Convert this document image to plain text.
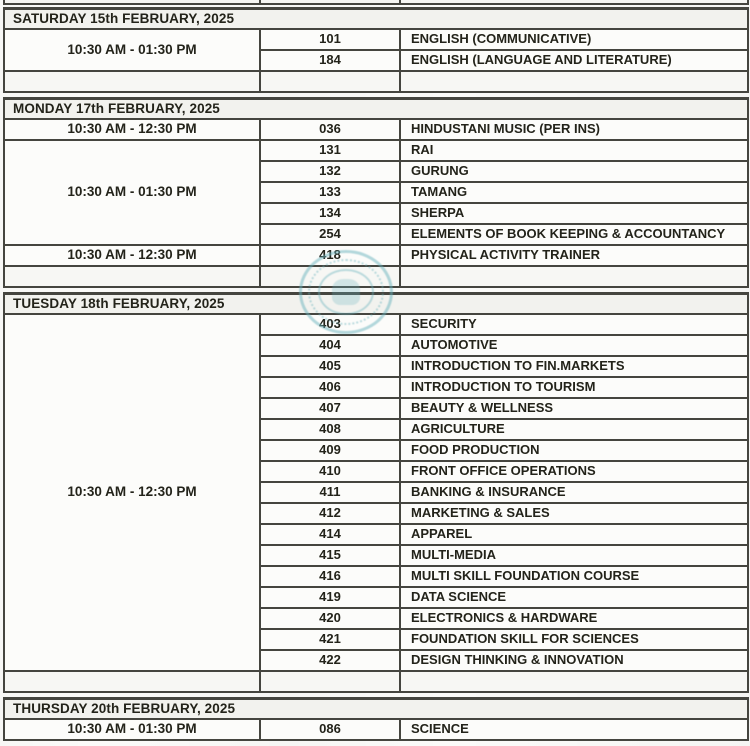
SATURDAY 15th FEBRUARY, 2025		
10:30 AM - 01:30 PM	101	ENGLISH (COMMUNICATIVE)
	184	ENGLISH (LANGUAGE AND LITERATURE)

MONDAY 17th FEBRUARY, 2025		
10:30 AM - 12:30 PM	036	HINDUSTANI MUSIC (PER INS)
10:30 AM - 01:30 PM	131	RAI
	132	GURUNG
	133	TAMANG
	134	SHERPA
	254	ELEMENTS OF BOOK KEEPING & ACCOUNTANCY
10:30 AM - 12:30 PM	418	PHYSICAL ACTIVITY TRAINER

TUESDAY 18th FEBRUARY, 2025		
10:30 AM - 12:30 PM	403	SECURITY
	404	AUTOMOTIVE
	405	INTRODUCTION TO FIN.MARKETS
	406	INTRODUCTION TO TOURISM
	407	BEAUTY & WELLNESS
	408	AGRICULTURE
	409	FOOD PRODUCTION
	410	FRONT OFFICE OPERATIONS
	411	BANKING & INSURANCE
	412	MARKETING & SALES
	414	APPAREL
	415	MULTI-MEDIA
	416	MULTI SKILL FOUNDATION COURSE
	419	DATA SCIENCE
	420	ELECTRONICS & HARDWARE
	421	FOUNDATION SKILL FOR SCIENCES
	422	DESIGN THINKING & INNOVATION

THURSDAY 20th FEBRUARY, 2025
10:30 AM - 01:30 PM	086	SCIENCE
